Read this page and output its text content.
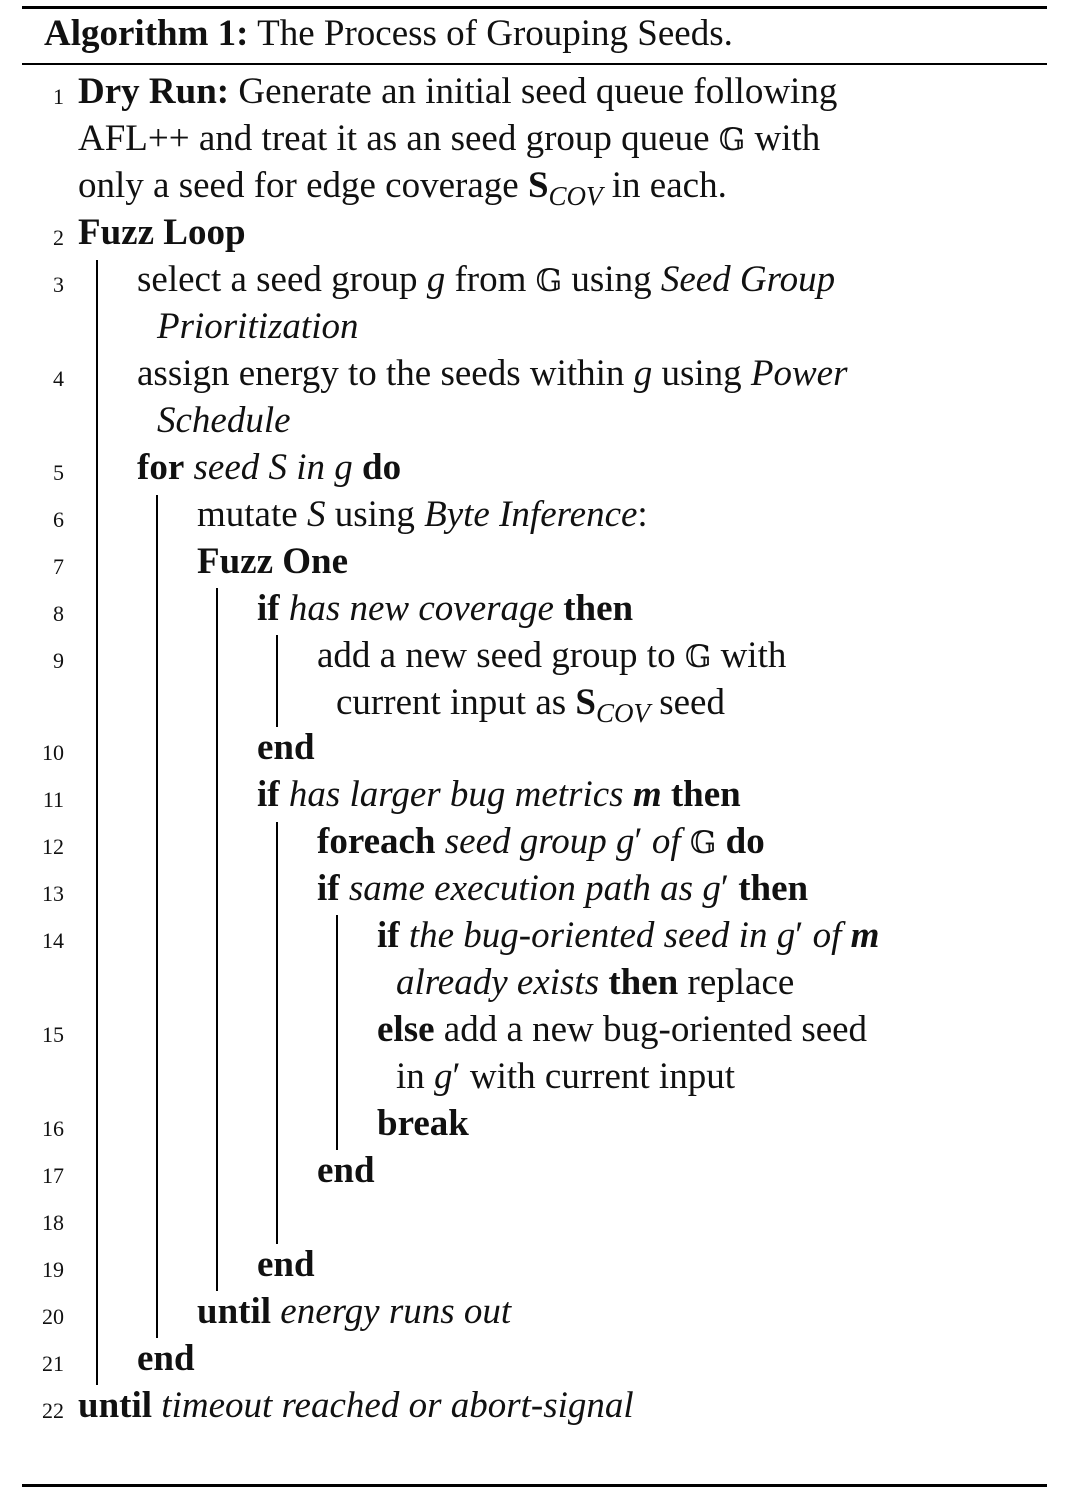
Algorithm 1: The Process of Grouping Seeds.
1
2
3
4
5
6
7
8
9
10
11
12
13
14
15
16
17
18
19
20
21
22
Dry Run: Generate an initial seed queue following
AFL++ and treat it as an seed group queue 𝔾 with
only a seed for edge coverage $S_{COV}$ in each.
Fuzz Loop
select a seed group g from 𝔾 using Seed Group
Prioritization
assign energy to the seeds within g using Power
Schedule
for seed S in g do
mutate S using Byte Inference:
Fuzz One
if has new coverage then
add a new seed group to 𝔾 with
current input as $S_{COV}$ seed
end
if has larger bug metrics m then
foreach seed group g′ of 𝔾 do
if same execution path as g′ then
if the bug-oriented seed in g′ of m
already exists then replace
else add a new bug-oriented seed
in g′ with current input
break
end
end
until energy runs out
end
until timeout reached or abort-signal
